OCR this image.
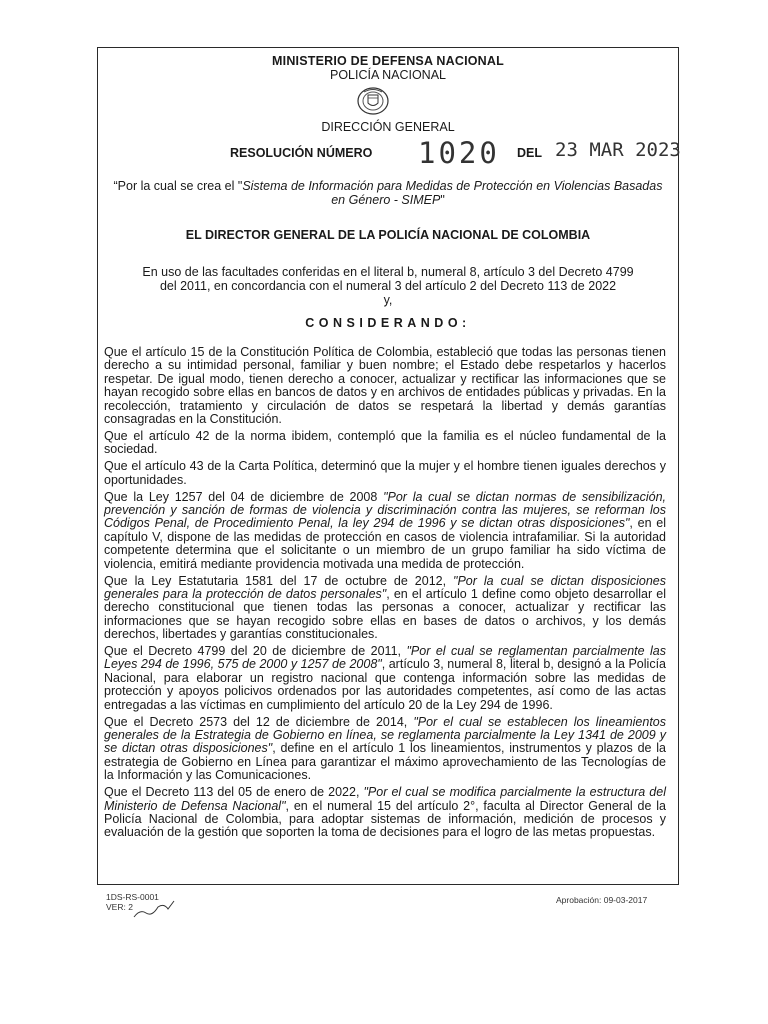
MINISTERIO DE DEFENSA NACIONAL
POLICÍA NACIONAL
DIRECCIÓN GENERAL
RESOLUCIÓN NÚMERO 1020 DEL 23 MAR 2023
“Por la cual se crea el "Sistema de Información para Medidas de Protección en Violencias Basadas en Género - SIMEP"
EL DIRECTOR GENERAL DE LA POLICÍA NACIONAL DE COLOMBIA
En uso de las facultades conferidas en el literal b, numeral 8, artículo 3 del Decreto 4799
del 2011, en concordancia con el numeral 3 del artículo 2 del Decreto 113 de 2022
y,
CONSIDERANDO:

Que el artículo 15 de la Constitución Política de Colombia, estableció que todas las personas tienen derecho a su intimidad personal, familiar y buen nombre; el Estado debe respetarlos y hacerlos respetar. De igual modo, tienen derecho a conocer, actualizar y rectificar las informaciones que se hayan recogido sobre ellas en bancos de datos y en archivos de entidades públicas y privadas. En la recolección, tratamiento y circulación de datos se respetará la libertad y demás garantías consagradas en la Constitución.

Que el artículo 42 de la norma ibidem, contempló que la familia es el núcleo fundamental de la sociedad.

Que el artículo 43 de la Carta Política, determinó que la mujer y el hombre tienen iguales derechos y oportunidades.

Que la Ley 1257 del 04 de diciembre de 2008 "Por la cual se dictan normas de sensibilización, prevención y sanción de formas de violencia y discriminación contra las mujeres, se reforman los Códigos Penal, de Procedimiento Penal, la ley 294 de 1996 y se dictan otras disposiciones", en el capítulo V, dispone de las medidas de protección en casos de violencia intrafamiliar. Si la autoridad competente determina que el solicitante o un miembro de un grupo familiar ha sido víctima de violencia, emitirá mediante providencia motivada una medida de protección.

Que la Ley Estatutaria 1581 del 17 de octubre de 2012, "Por la cual se dictan disposiciones generales para la protección de datos personales", en el artículo 1 define como objeto desarrollar el derecho constitucional que tienen todas las personas a conocer, actualizar y rectificar las informaciones que se hayan recogido sobre ellas en bases de datos o archivos, y los demás derechos, libertades y garantías constitucionales.

Que el Decreto 4799 del 20 de diciembre de 2011, "Por el cual se reglamentan parcialmente las Leyes 294 de 1996, 575 de 2000 y 1257 de 2008", artículo 3, numeral 8, literal b, designó a la Policía Nacional, para elaborar un registro nacional que contenga información sobre las medidas de protección y apoyos policivos ordenados por las autoridades competentes, así como de las actas entregadas a las víctimas en cumplimiento del artículo 20 de la Ley 294 de 1996.

Que el Decreto 2573 del 12 de diciembre de 2014, "Por el cual se establecen los lineamientos generales de la Estrategia de Gobierno en línea, se reglamenta parcialmente la Ley 1341 de 2009 y se dictan otras disposiciones", define en el artículo 1 los lineamientos, instrumentos y plazos de la estrategia de Gobierno en Línea para garantizar el máximo aprovechamiento de las Tecnologías de la Información y las Comunicaciones.

Que el Decreto 113 del 05 de enero de 2022, "Por el cual se modifica parcialmente la estructura del Ministerio de Defensa Nacional", en el numeral 15 del artículo 2°, faculta al Director General de la Policía Nacional de Colombia, para adoptar sistemas de información, medición de procesos y evaluación de la gestión que soporten la toma de decisiones para el logro de las metas propuestas.

1DS-RS-0001
VER: 2
Aprobación: 09-03-2017
